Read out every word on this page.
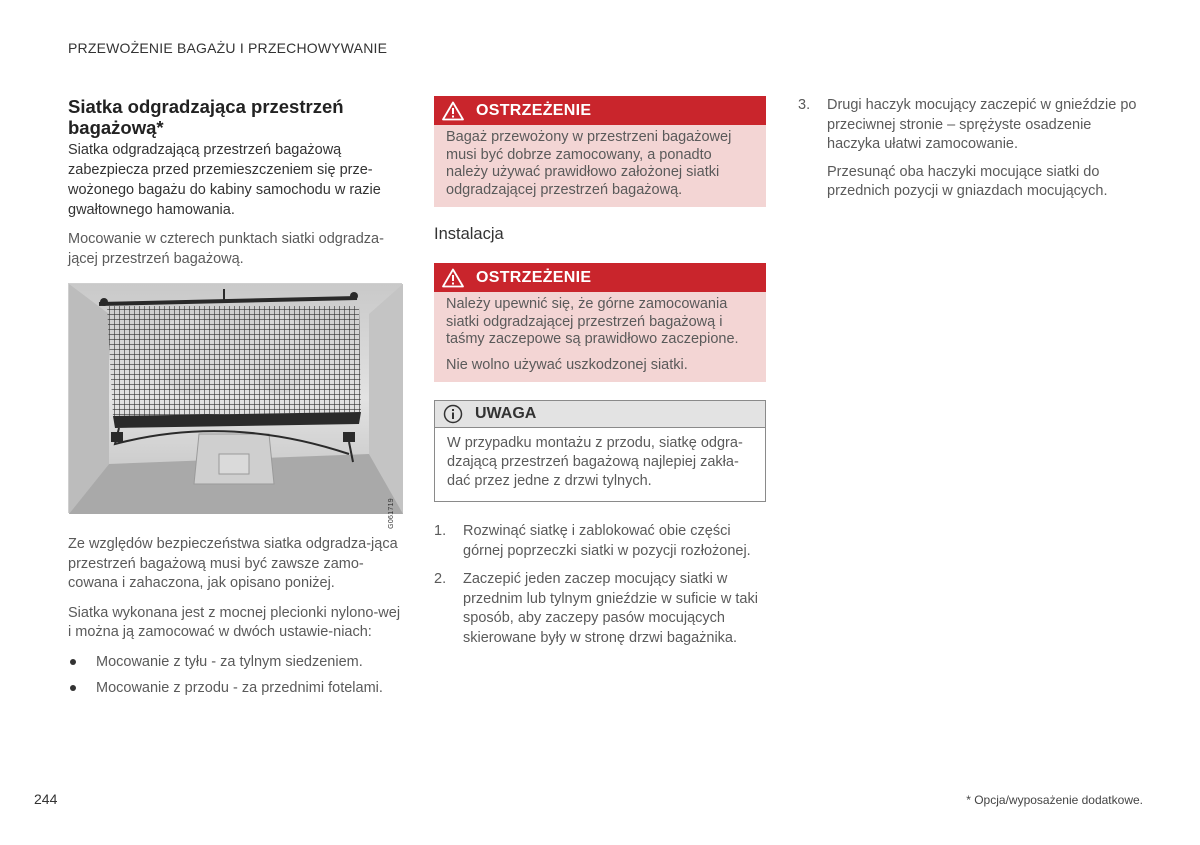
PRZEWOŻENIE BAGAŻU I PRZECHOWYWANIE
Siatka odgradzająca przestrzeń bagażową*

Siatka odgradzającą przestrzeń bagażową zabezpiecza przed przemieszczeniem się prze-wożonego bagażu do kabiny samochodu w razie gwałtownego hamowania.

Mocowanie w czterech punktach siatki odgradza-jącej przestrzeń bagażową.

G061719

Ze względów bezpieczeństwa siatka odgradza-jąca przestrzeń bagażową musi być zawsze zamo-cowana i zahaczona, jak opisano poniżej.

Siatka wykonana jest z mocnej plecionki nylono-wej i można ją zamocować w dwóch ustawie-niach:

Mocowanie z tyłu - za tylnym siedzeniem.
Mocowanie z przodu - za przednimi fotelami.
OSTRZEŻENIE

Bagaż przewożony w przestrzeni bagażowej musi być dobrze zamocowany, a ponadto należy używać prawidłowo założonej siatki odgradzającej przestrzeń bagażową.

Instalacja
OSTRZEŻENIE

Należy upewnić się, że górne zamocowania siatki odgradzającej przestrzeń bagażową i taśmy zaczepowe są prawidłowo zaczepione.

Nie wolno używać uszkodzonej siatki.

UWAGA

W przypadku montażu z przodu, siatkę odgra-dzającą przestrzeń bagażową najlepiej zakła-dać przez jedne z drzwi tylnych.

1. Rozwinąć siatkę i zablokować obie części górnej poprzeczki siatki w pozycji rozłożonej.
2. Zaczepić jeden zaczep mocujący siatki w przednim lub tylnym gnieździe w suficie w taki sposób, aby zaczepy pasów mocujących skierowane były w stronę drzwi bagażnika.
3. Drugi haczyk mocujący zaczepić w gnieździe po przeciwnej stronie – sprężyste osadzenie haczyka ułatwi zamocowanie.

Przesunąć oba haczyki mocujące siatki do przednich pozycji w gniazdach mocujących.

244	* Opcja/wyposażenie dodatkowe.
